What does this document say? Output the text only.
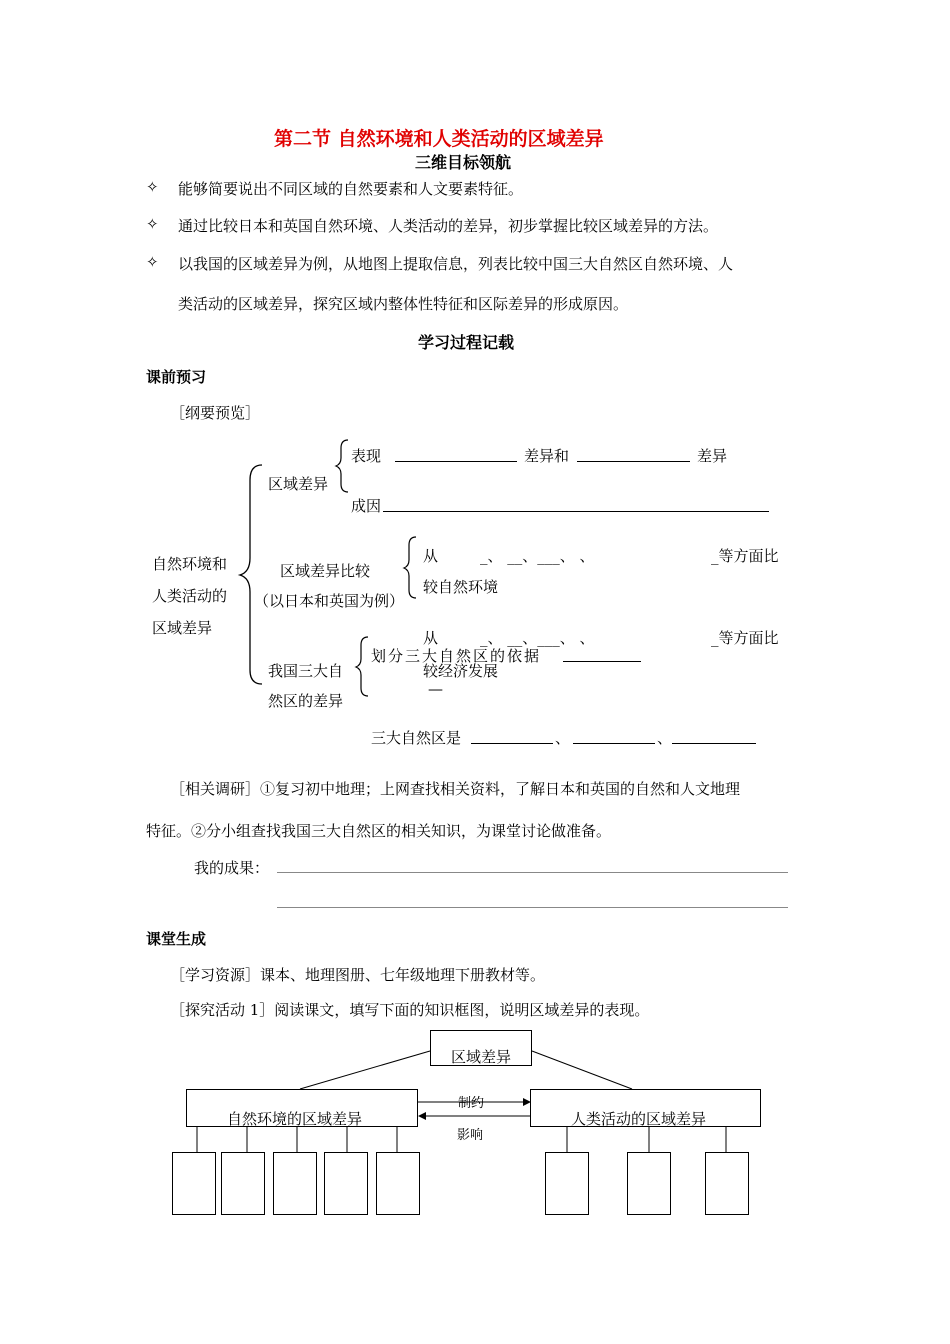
第二节 自然环境和人类活动的区域差异
三维目标领航
✧ 能够简要说出不同区域的自然要素和人文要素特征。
✧ 通过比较日本和英国自然环境、人类活动的差异，初步掌握比较区域差异的方法。
✧ 以我国的区域差异为例，从地图上提取信息，列表比较中国三大自然区自然环境、人
类活动的区域差异，探究区域内整体性特征和区际差异的形成原因。
学习过程记载
课前预习
［纲要预览］
自然环境和
人类活动的
区域差异
区域差异
表现	差异和	差异
成因
区域差异比较
（以日本和英国为例）
从	_、 __、___、 、	_等方面比
较自然环境
我国三大自
然区的差异
从	_、 __、___、 、	_等方面比
划分三大自然区的依据
较经济发展
—
三大自然区是	、	、
［相关调研］①复习初中地理；上网查找相关资料，了解日本和英国的自然和人文地理
特征。②分小组查找我国三大自然区的相关知识，为课堂讨论做准备。
我的成果：
课堂生成
［学习资源］课本、地理图册、七年级地理下册教材等。
［探究活动 1］阅读课文，填写下面的知识框图，说明区域差异的表现。
区域差异
自然环境的区域差异	人类活动的区域差异
制约
影响
